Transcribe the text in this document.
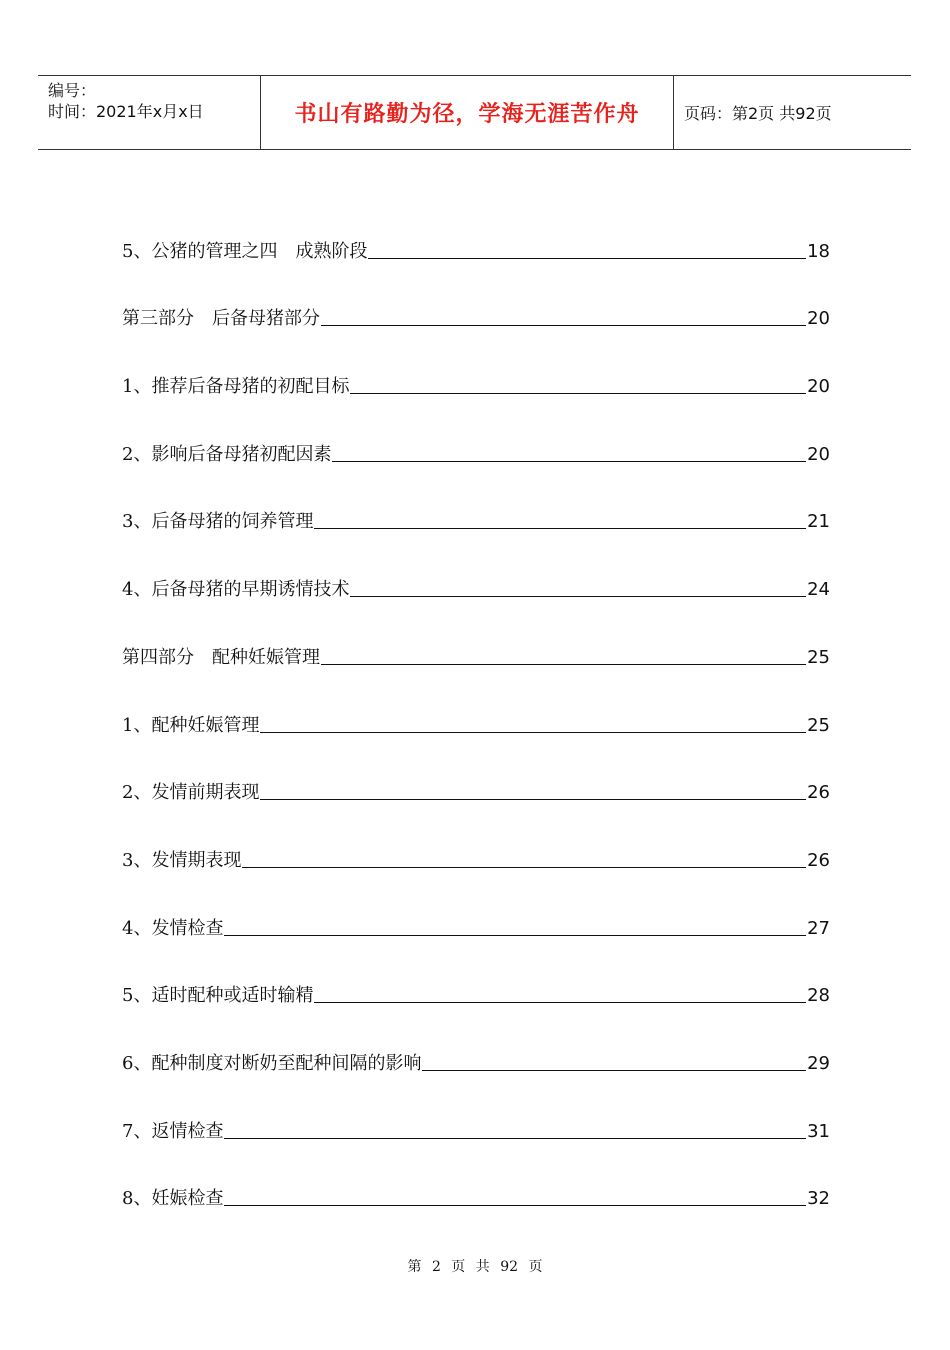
编号：
时间：2021年x月x日	书山有路勤为径，学海无涯苦作舟	页码：第2页 共92页
5、公猪的管理之四　成熟阶段	18
第三部分　后备母猪部分	20
1、推荐后备母猪的初配目标	20
2、影响后备母猪初配因素	20
3、后备母猪的饲养管理	21
4、后备母猪的早期诱情技术	24
第四部分　配种妊娠管理	25
1、配种妊娠管理	25
2、发情前期表现	26
3、发情期表现	26
4、发情检查	27
5、适时配种或适时输精	28
6、配种制度对断奶至配种间隔的影响	29
7、返情检查	31
8、妊娠检查	32
第 2 页 共 92 页
